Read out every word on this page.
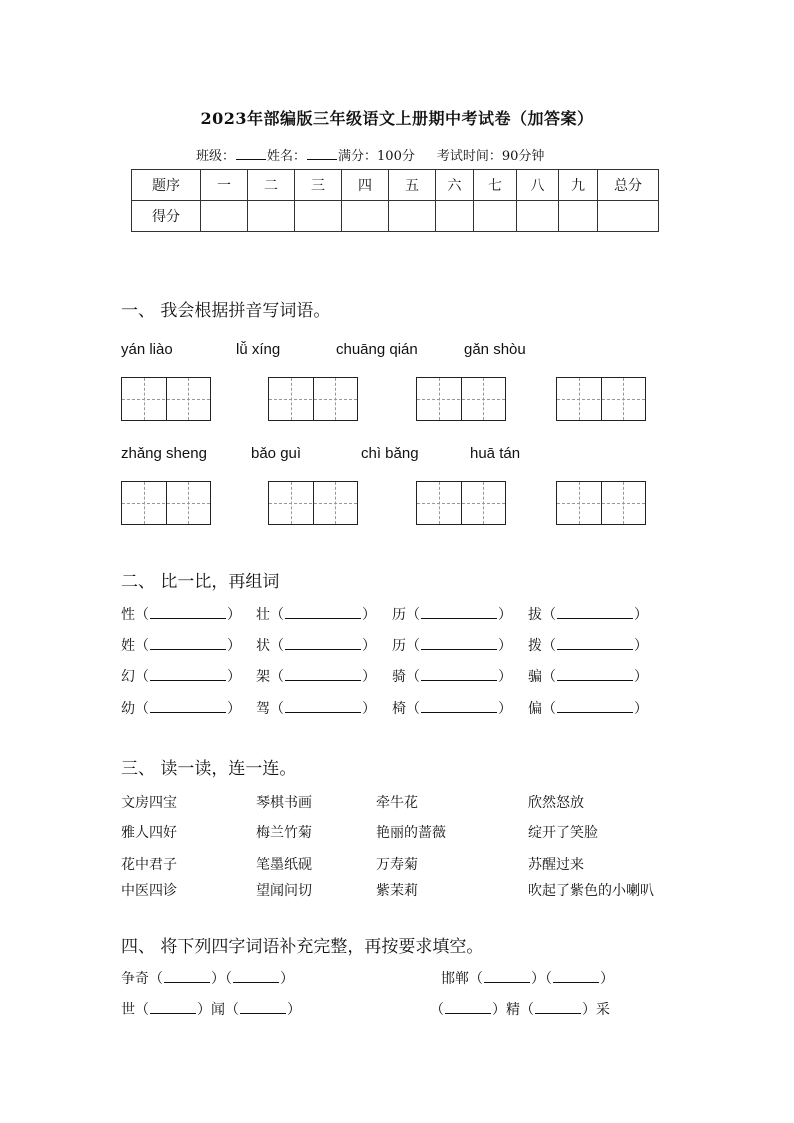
2023年部编版三年级语文上册期中考试卷（加答案）
班级： 姓名： 满分：100分 考试时间：90分钟
题序	一	二	三	四	五	六	七	八	九	总分
得分										
一、 我会根据拼音写词语。
yán liào	lǚ xíng	chuāng qián	gǎn shòu
zhǎng sheng	bǎo guì	chì bǎng	huā tán
二、 比一比，再组词
性（	） 壮（	） 历（	） 拔（	）
姓（	） 状（	） 历（	） 拨（	）
幻（	） 架（	） 骑（	） 骗（	）
幼（	） 驾（	） 椅（	） 偏（	）
三、 读一读，连一连。
文房四宝	琴棋书画	牵牛花	欣然怒放
雅人四好	梅兰竹菊	艳丽的蔷薇	绽开了笑脸
花中君子	笔墨纸砚	万寿菊	苏醒过来
中医四诊	望闻问切	紫茉莉	吹起了紫色的小喇叭
四、 将下列四字词语补充完整，再按要求填空。
争奇（	）（	）	邯郸（	）（	）
世（	）闻（	）	（	）精（	）采
